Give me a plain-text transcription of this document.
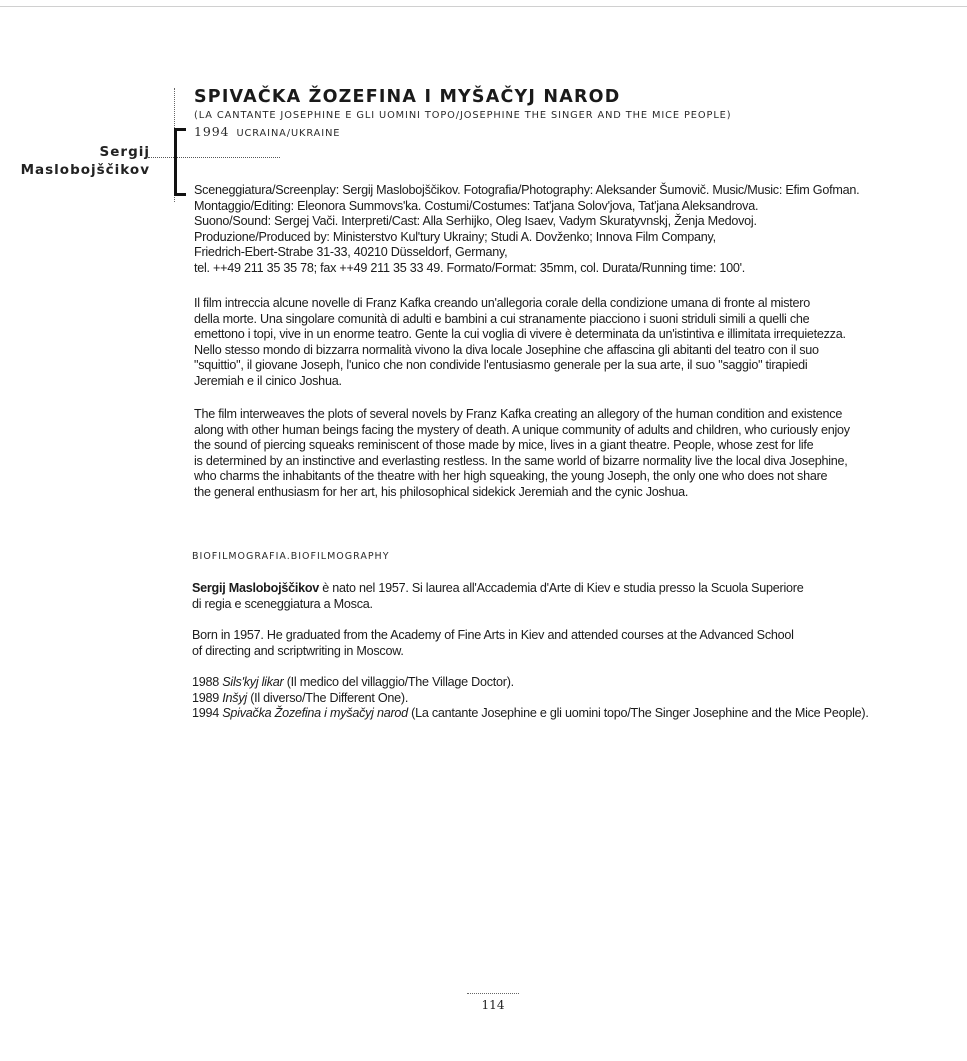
Sergij
Maslobojščikov
SPIVAČKA ŽOZEFINA I MYŠAČYJ NAROD
(LA CANTANTE JOSEPHINE E GLI UOMINI TOPO/JOSEPHINE THE SINGER AND THE MICE PEOPLE)
1994 UCRAINA/UKRAINE
Sceneggiatura/Screenplay: Sergij Maslobojščikov. Fotografia/Photography: Aleksander Šumovič. Music/Music: Efim Gofman.
Montaggio/Editing: Eleonora Summovs'ka. Costumi/Costumes: Tat'jana Solov'jova, Tat'jana Aleksandrova.
Suono/Sound: Sergej Vači. Interpreti/Cast: Alla Serhijko, Oleg Isaev, Vadym Skuratyvnskj, Ženja Medovoj.
Produzione/Produced by: Ministerstvo Kul'tury Ukrainy; Studi A. Dovženko; Innova Film Company,
Friedrich-Ebert-Strabe 31-33, 40210 Düsseldorf, Germany,
tel. ++49 211 35 35 78; fax ++49 211 35 33 49. Formato/Format: 35mm, col. Durata/Running time: 100'.
Il film intreccia alcune novelle di Franz Kafka creando un'allegoria corale della condizione umana di fronte al mistero
della morte. Una singolare comunità di adulti e bambini a cui stranamente piacciono i suoni striduli simili a quelli che
emettono i topi, vive in un enorme teatro. Gente la cui voglia di vivere è determinata da un'istintiva e illimitata irrequietezza.
Nello stesso mondo di bizzarra normalità vivono la diva locale Josephine che affascina gli abitanti del teatro con il suo
"squittio", il giovane Joseph, l'unico che non condivide l'entusiasmo generale per la sua arte, il suo "saggio" tirapiedi
Jeremiah e il cinico Joshua.
The film interweaves the plots of several novels by Franz Kafka creating an allegory of the human condition and existence
along with other human beings facing the mystery of death. A unique community of adults and children, who curiously enjoy
the sound of piercing squeaks reminiscent of those made by mice, lives in a giant theatre. People, whose zest for life
is determined by an instinctive and everlasting restless. In the same world of bizarre normality live the local diva Josephine,
who charms the inhabitants of the theatre with her high squeaking, the young Joseph, the only one who does not share
the general enthusiasm for her art, his philosophical sidekick Jeremiah and the cynic Joshua.
BIOFILMOGRAFIA.BIOFILMOGRAPHY
Sergij Maslobojščikov è nato nel 1957. Si laurea all'Accademia d'Arte di Kiev e studia presso la Scuola Superiore
di regia e sceneggiatura a Mosca.
Born in 1957. He graduated from the Academy of Fine Arts in Kiev and attended courses at the Advanced School
of directing and scriptwriting in Moscow.
1988 Sils'kyj likar (Il medico del villaggio/The Village Doctor).
1989 Inšyj (Il diverso/The Different One).
1994 Spivačka Žozefina i myšačyj narod (La cantante Josephine e gli uomini topo/The Singer Josephine and the Mice People).
114
